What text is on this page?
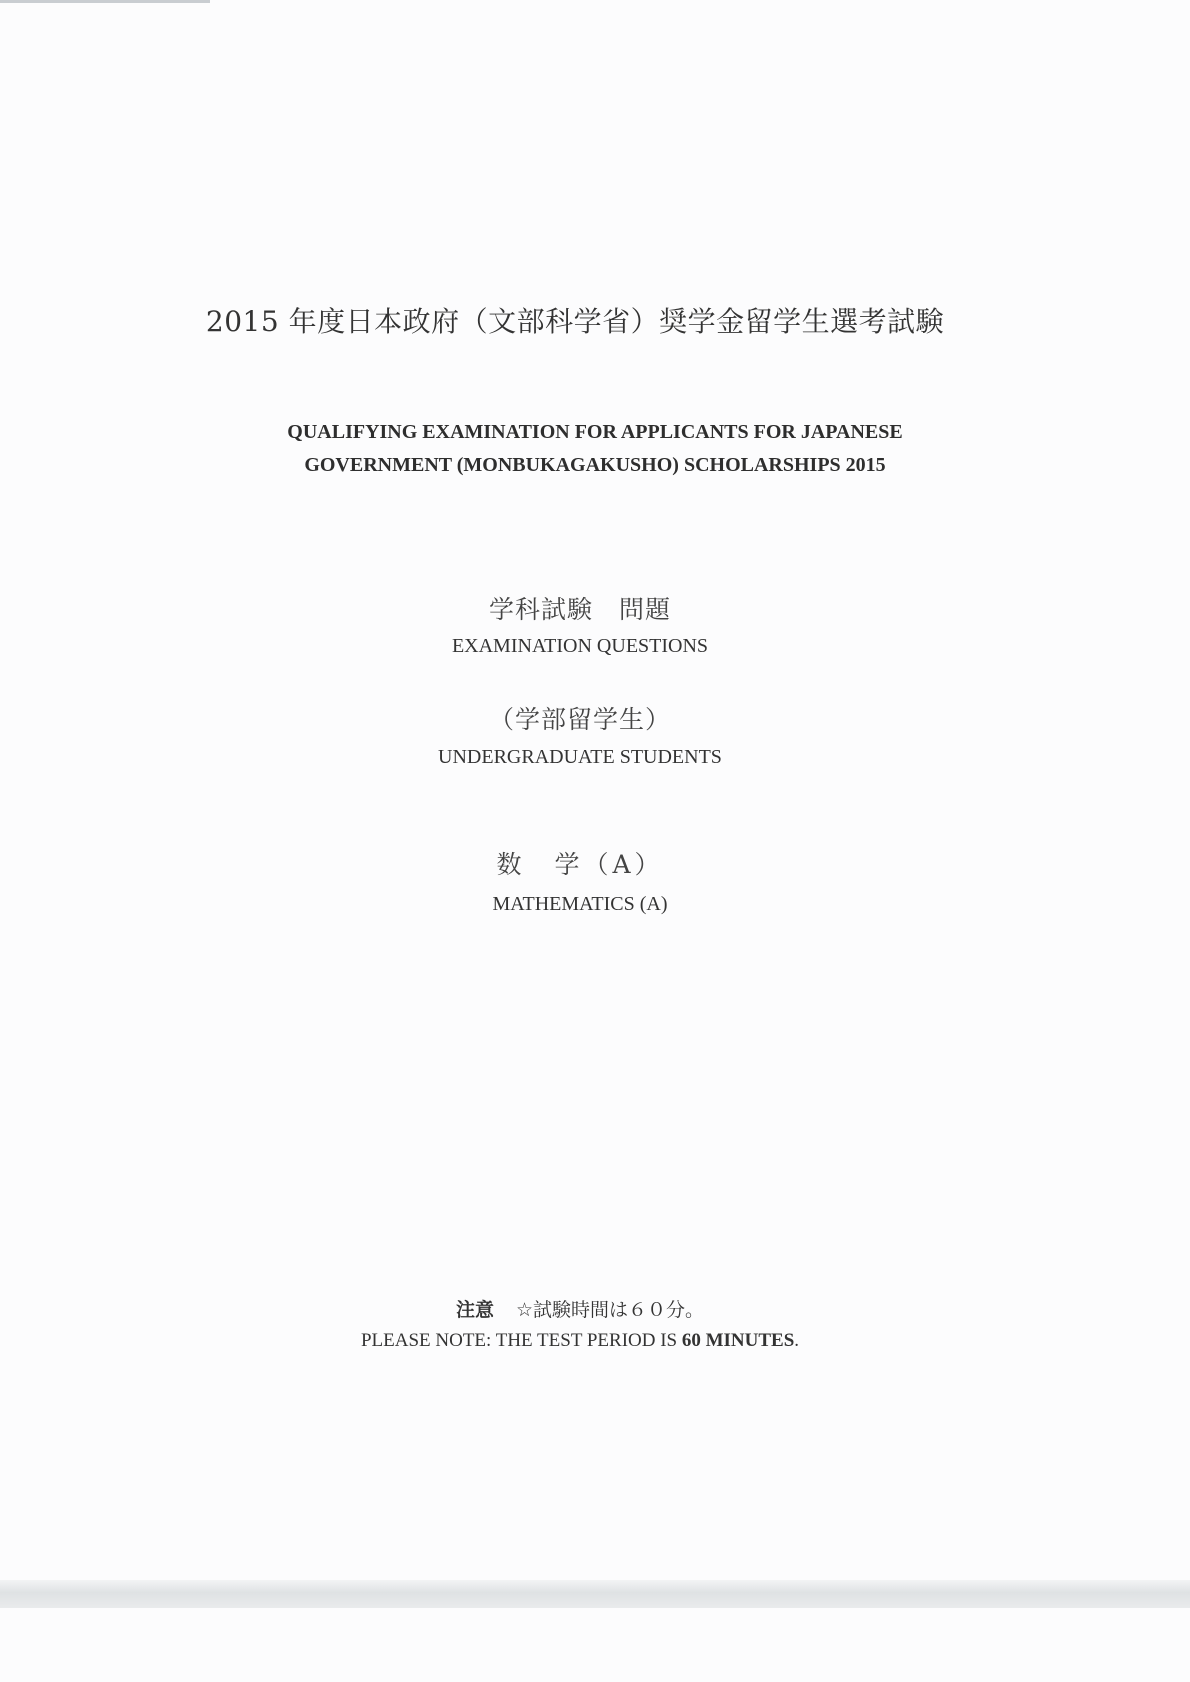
2015 年度日本政府（文部科学省）奨学金留学生選考試験
QUALIFYING EXAMINATION FOR APPLICANTS FOR JAPANESE
GOVERNMENT (MONBUKAGAKUSHO) SCHOLARSHIPS 2015
学科試験　問題
EXAMINATION QUESTIONS
（学部留学生）
UNDERGRADUATE STUDENTS
数　学（A）
MATHEMATICS (A)
注意 ☆試験時間は６０分。
PLEASE NOTE: THE TEST PERIOD IS 60 MINUTES.
